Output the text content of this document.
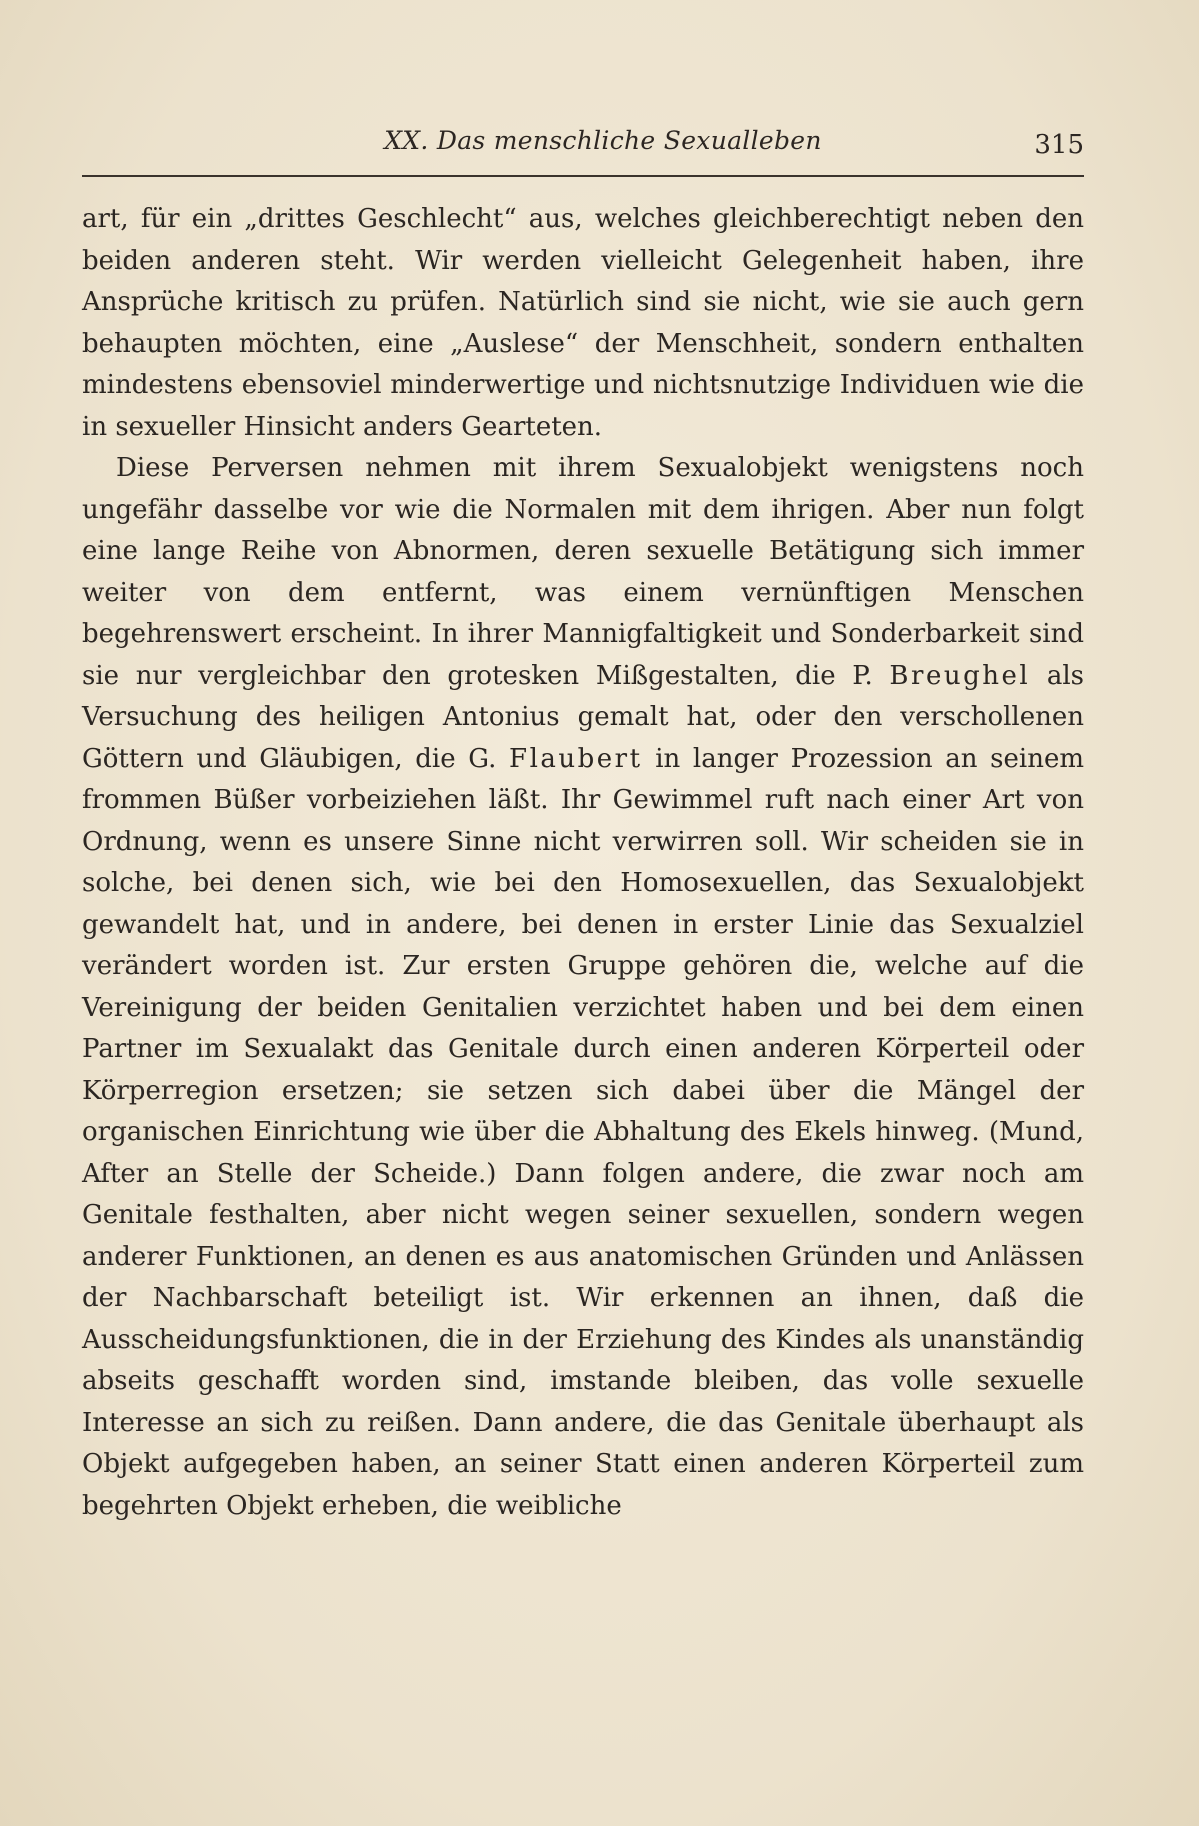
XX. Das menschliche Sexualleben	315

art, für ein „drittes Geschlecht“ aus, welches gleichberechtigt neben den beiden anderen steht. Wir werden vielleicht Gelegenheit haben, ihre Ansprüche kritisch zu prüfen. Natürlich sind sie nicht, wie sie auch gern behaupten möchten, eine „Auslese“ der Menschheit, sondern enthalten mindestens ebensoviel minderwertige und nichtsnutzige Individuen wie die in sexueller Hinsicht anders Gearteten.

Diese Perversen nehmen mit ihrem Sexualobjekt wenigstens noch ungefähr dasselbe vor wie die Normalen mit dem ihrigen. Aber nun folgt eine lange Reihe von Abnormen, deren sexuelle Betätigung sich immer weiter von dem entfernt, was einem vernünftigen Menschen begehrenswert erscheint. In ihrer Mannigfaltigkeit und Sonderbarkeit sind sie nur vergleichbar den grotesken Mißgestalten, die P. Breughel als Versuchung des heiligen Antonius gemalt hat, oder den verschollenen Göttern und Gläubigen, die G. Flaubert in langer Prozession an seinem frommen Büßer vorbeiziehen läßt. Ihr Gewimmel ruft nach einer Art von Ordnung, wenn es unsere Sinne nicht verwirren soll. Wir scheiden sie in solche, bei denen sich, wie bei den Homosexuellen, das Sexualobjekt gewandelt hat, und in andere, bei denen in erster Linie das Sexualziel verändert worden ist. Zur ersten Gruppe gehören die, welche auf die Vereinigung der beiden Genitalien verzichtet haben und bei dem einen Partner im Sexualakt das Genitale durch einen anderen Körperteil oder Körperregion ersetzen; sie setzen sich dabei über die Mängel der organischen Einrichtung wie über die Abhaltung des Ekels hinweg. (Mund, After an Stelle der Scheide.) Dann folgen andere, die zwar noch am Genitale festhalten, aber nicht wegen seiner sexuellen, sondern wegen anderer Funktionen, an denen es aus anatomischen Gründen und Anlässen der Nachbarschaft beteiligt ist. Wir erkennen an ihnen, daß die Ausscheidungsfunktionen, die in der Erziehung des Kindes als unanständig abseits geschafft worden sind, imstande bleiben, das volle sexuelle Interesse an sich zu reißen. Dann andere, die das Genitale überhaupt als Objekt aufgegeben haben, an seiner Statt einen anderen Körperteil zum begehrten Objekt erheben, die weibliche
